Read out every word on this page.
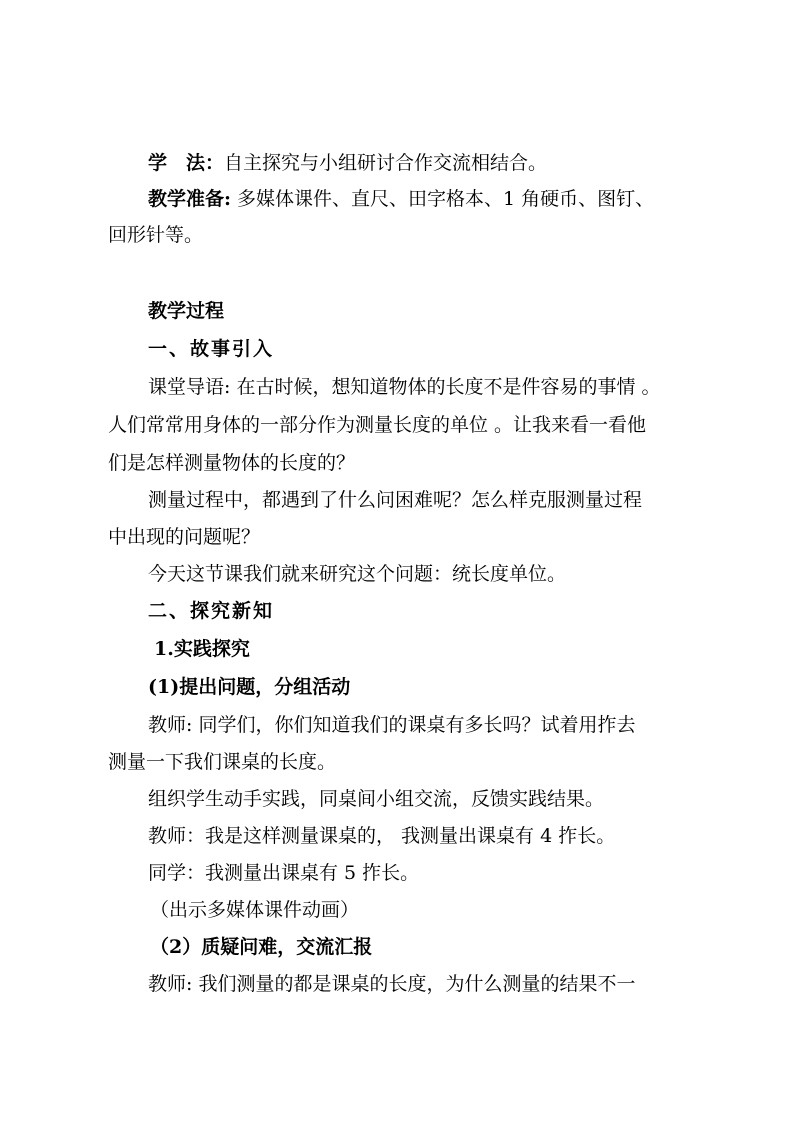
学　法：自主探究与小组研讨合作交流相结合。
教学准备: 多媒体课件、直尺、田字格本、1 角硬币、图钉、
回形针等。
教学过程
一、故事引入
课堂导语: 在古时候，想知道物体的长度不是件容易的事情 。
人们常常用身体的一部分作为测量长度的单位 。让我来看一看他
们是怎样测量物体的长度的？
测量过程中，都遇到了什么问困难呢？怎么样克服测量过程
中出现的问题呢？
今天这节课我们就来研究这个问题：统长度单位。
二、探究新知
1.实践探究
(1)提出问题，分组活动
教师: 同学们，你们知道我们的课桌有多长吗？试着用拃去
测量一下我们课桌的长度。
组织学生动手实践，同桌间小组交流，反馈实践结果。
教师：我是这样测量课桌的， 我测量出课桌有 4 拃长。
同学：我测量出课桌有 5 拃长。
（出示多媒体课件动画）
（2）质疑问难，交流汇报
教师: 我们测量的都是课桌的长度，为什么测量的结果不一
